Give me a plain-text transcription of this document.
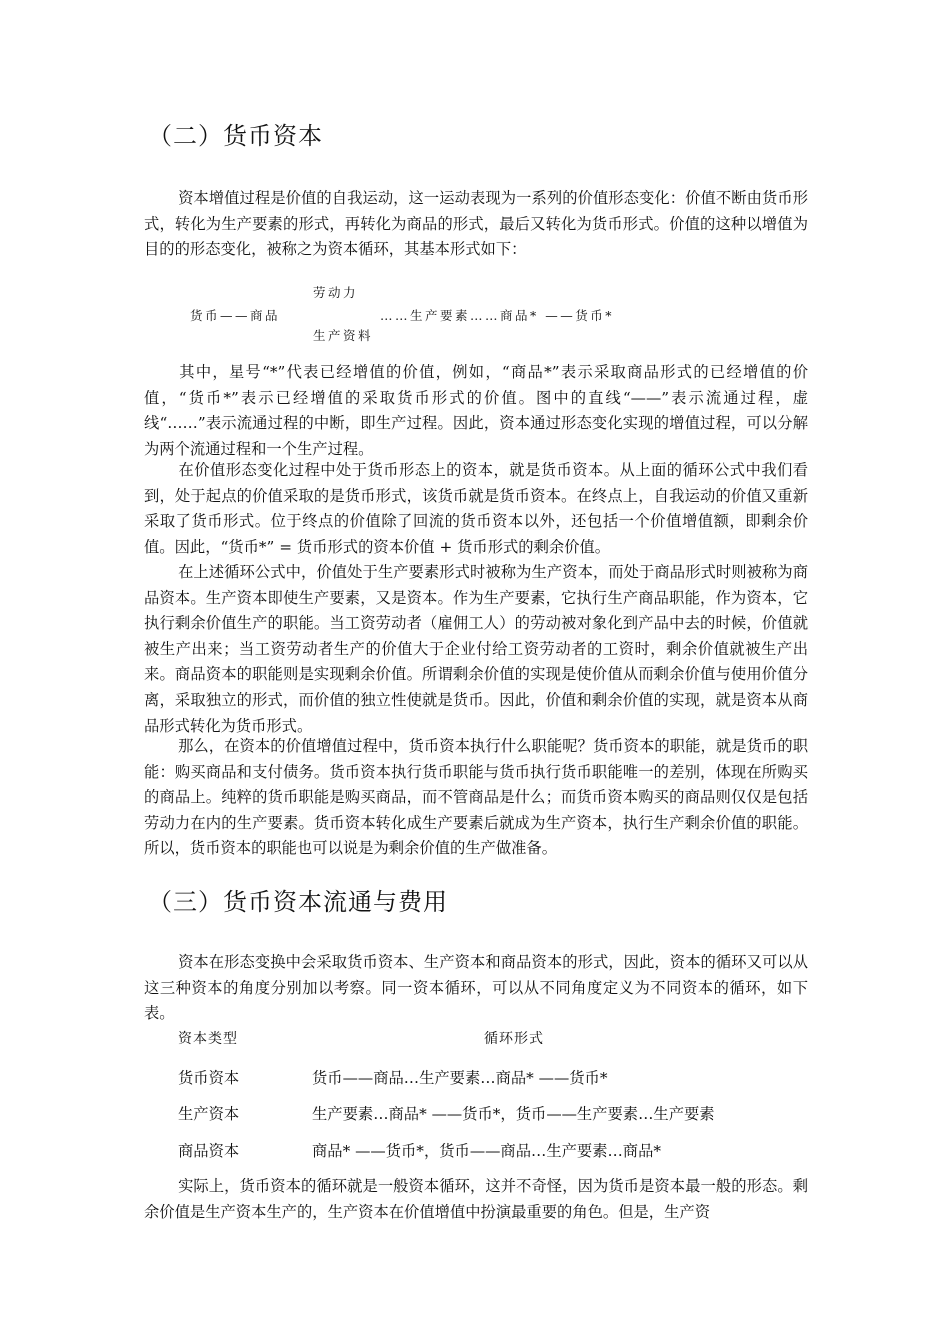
（二）货币资本

资本增值过程是价值的自我运动，这一运动表现为一系列的价值形态变化：价值不断由货币形式，转化为生产要素的形式，再转化为商品的形式，最后又转化为货币形式。价值的这种以增值为目的的形态变化，被称之为资本循环，其基本形式如下：

货币——商品
劳动力
生产资料
……生产要素……商品* ——货币*

其中，星号“*”代表已经增值的价值，例如，“商品*”表示采取商品形式的已经增值的价值，“货币*”表示已经增值的采取货币形式的价值。图中的直线“——”表示流通过程，虚线“……”表示流通过程的中断，即生产过程。因此，资本通过形态变化实现的增值过程，可以分解为两个流通过程和一个生产过程。

在价值形态变化过程中处于货币形态上的资本，就是货币资本。从上面的循环公式中我们看到，处于起点的价值采取的是货币形式，该货币就是货币资本。在终点上，自我运动的价值又重新采取了货币形式。位于终点的价值除了回流的货币资本以外，还包括一个价值增值额，即剩余价值。因此，“货币*” = 货币形式的资本价值 + 货币形式的剩余价值。

在上述循环公式中，价值处于生产要素形式时被称为生产资本，而处于商品形式时则被称为商品资本。生产资本即使生产要素，又是资本。作为生产要素，它执行生产商品职能，作为资本，它执行剩余价值生产的职能。当工资劳动者（雇佣工人）的劳动被对象化到产品中去的时候，价值就被生产出来；当工资劳动者生产的价值大于企业付给工资劳动者的工资时，剩余价值就被生产出来。商品资本的职能则是实现剩余价值。所谓剩余价值的实现是使价值从而剩余价值与使用价值分离，采取独立的形式，而价值的独立性使就是货币。因此，价值和剩余价值的实现，就是资本从商品形式转化为货币形式。

那么，在资本的价值增值过程中，货币资本执行什么职能呢？货币资本的职能，就是货币的职能：购买商品和支付债务。货币资本执行货币职能与货币执行货币职能唯一的差别，体现在所购买的商品上。纯粹的货币职能是购买商品，而不管商品是什么；而货币资本购买的商品则仅仅是包括劳动力在内的生产要素。货币资本转化成生产要素后就成为生产资本，执行生产剩余价值的职能。所以，货币资本的职能也可以说是为剩余价值的生产做准备。

（三）货币资本流通与费用

资本在形态变换中会采取货币资本、生产资本和商品资本的形式，因此，资本的循环又可以从这三种资本的角度分别加以考察。同一资本循环，可以从不同角度定义为不同资本的循环，如下表。

资本类型	循环形式
货币资本	货币——商品…生产要素…商品* ——货币*
生产资本	生产要素…商品* ——货币*，货币——生产要素…生产要素
商品资本	商品* ——货币*，货币——商品…生产要素…商品*

实际上，货币资本的循环就是一般资本循环，这并不奇怪，因为货币是资本最一般的形态。剩余价值是生产资本生产的，生产资本在价值增值中扮演最重要的角色。但是，生产资
